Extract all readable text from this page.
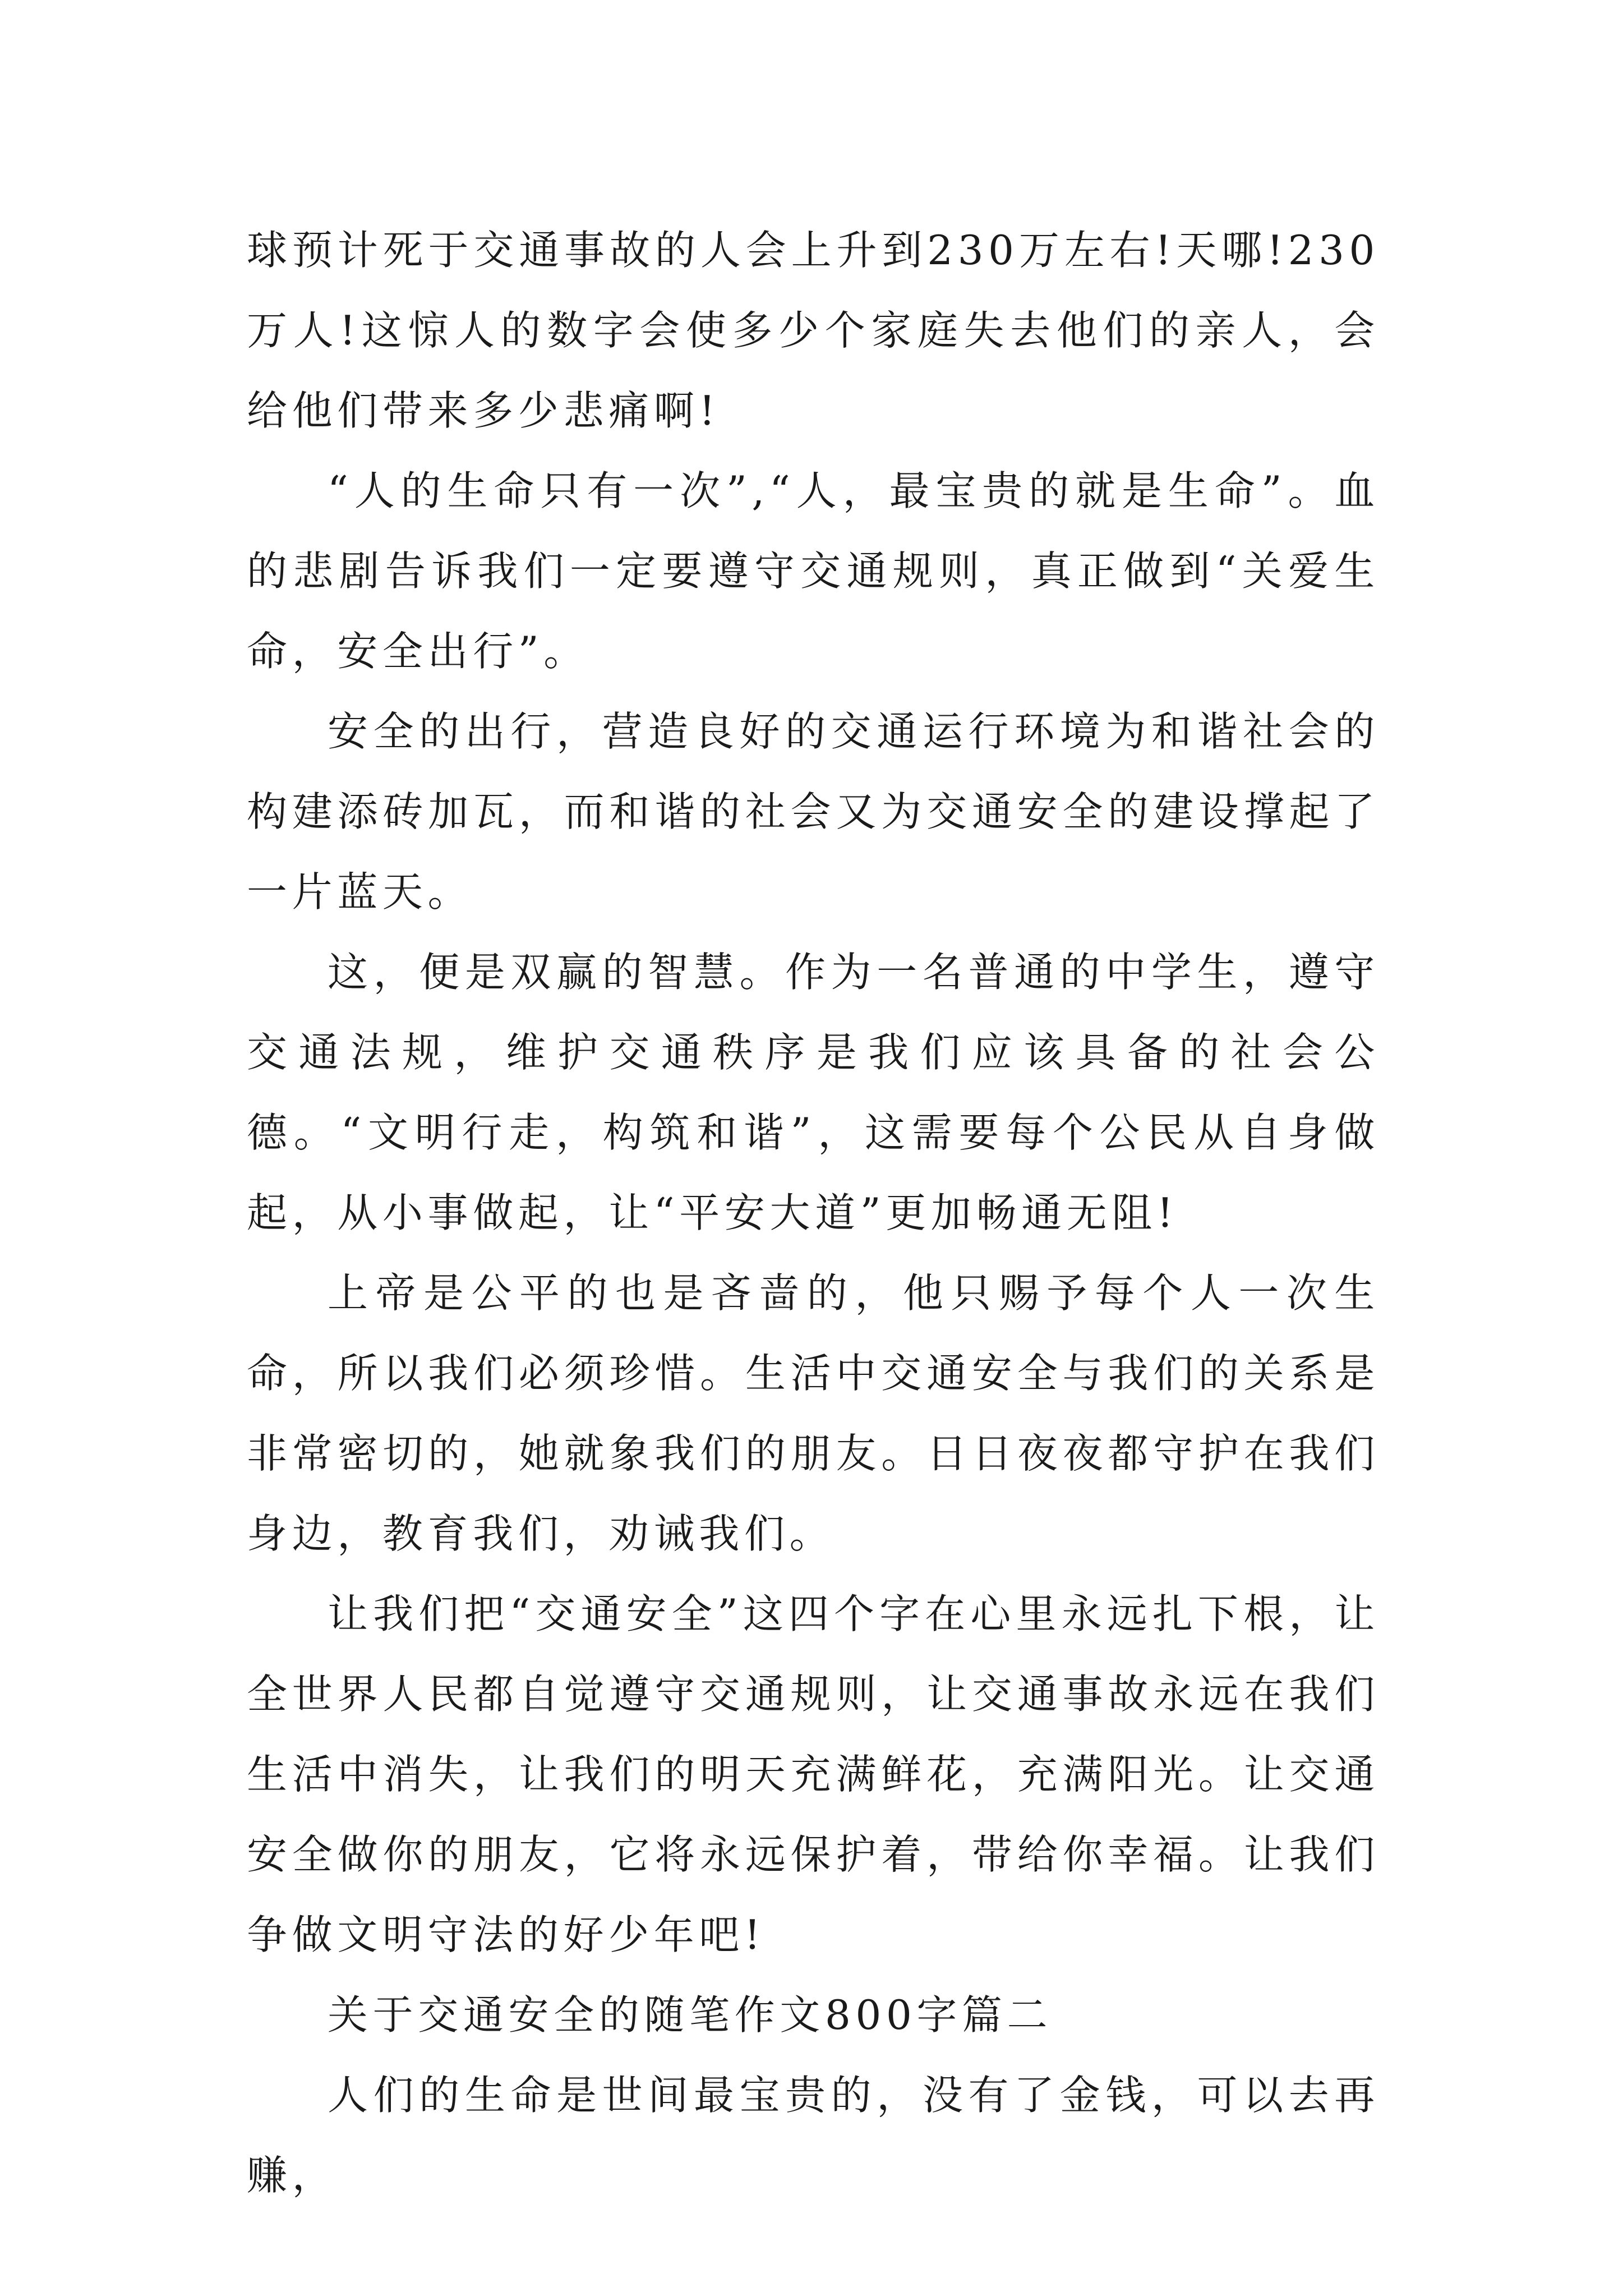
球预计死于交通事故的人会上升到230万左右!天哪!230万人!这惊人的数字会使多少个家庭失去他们的亲人，会给他们带来多少悲痛啊!

“人的生命只有一次”,“人，最宝贵的就是生命”。血的悲剧告诉我们一定要遵守交通规则，真正做到“关爱生命，安全出行”。

安全的出行，营造良好的交通运行环境为和谐社会的构建添砖加瓦，而和谐的社会又为交通安全的建设撑起了一片蓝天。

这，便是双赢的智慧。作为一名普通的中学生，遵守交通法规，维护交通秩序是我们应该具备的社会公德。“文明行走，构筑和谐”，这需要每个公民从自身做起，从小事做起，让“平安大道”更加畅通无阻!

上帝是公平的也是吝啬的，他只赐予每个人一次生命，所以我们必须珍惜。生活中交通安全与我们的关系是非常密切的，她就象我们的朋友。日日夜夜都守护在我们身边，教育我们，劝诫我们。

让我们把“交通安全”这四个字在心里永远扎下根，让全世界人民都自觉遵守交通规则，让交通事故永远在我们生活中消失，让我们的明天充满鲜花，充满阳光。让交通安全做你的朋友，它将永远保护着，带给你幸福。让我们争做文明守法的好少年吧!

关于交通安全的随笔作文800字篇二

人们的生命是世间最宝贵的，没有了金钱，可以去再赚，
